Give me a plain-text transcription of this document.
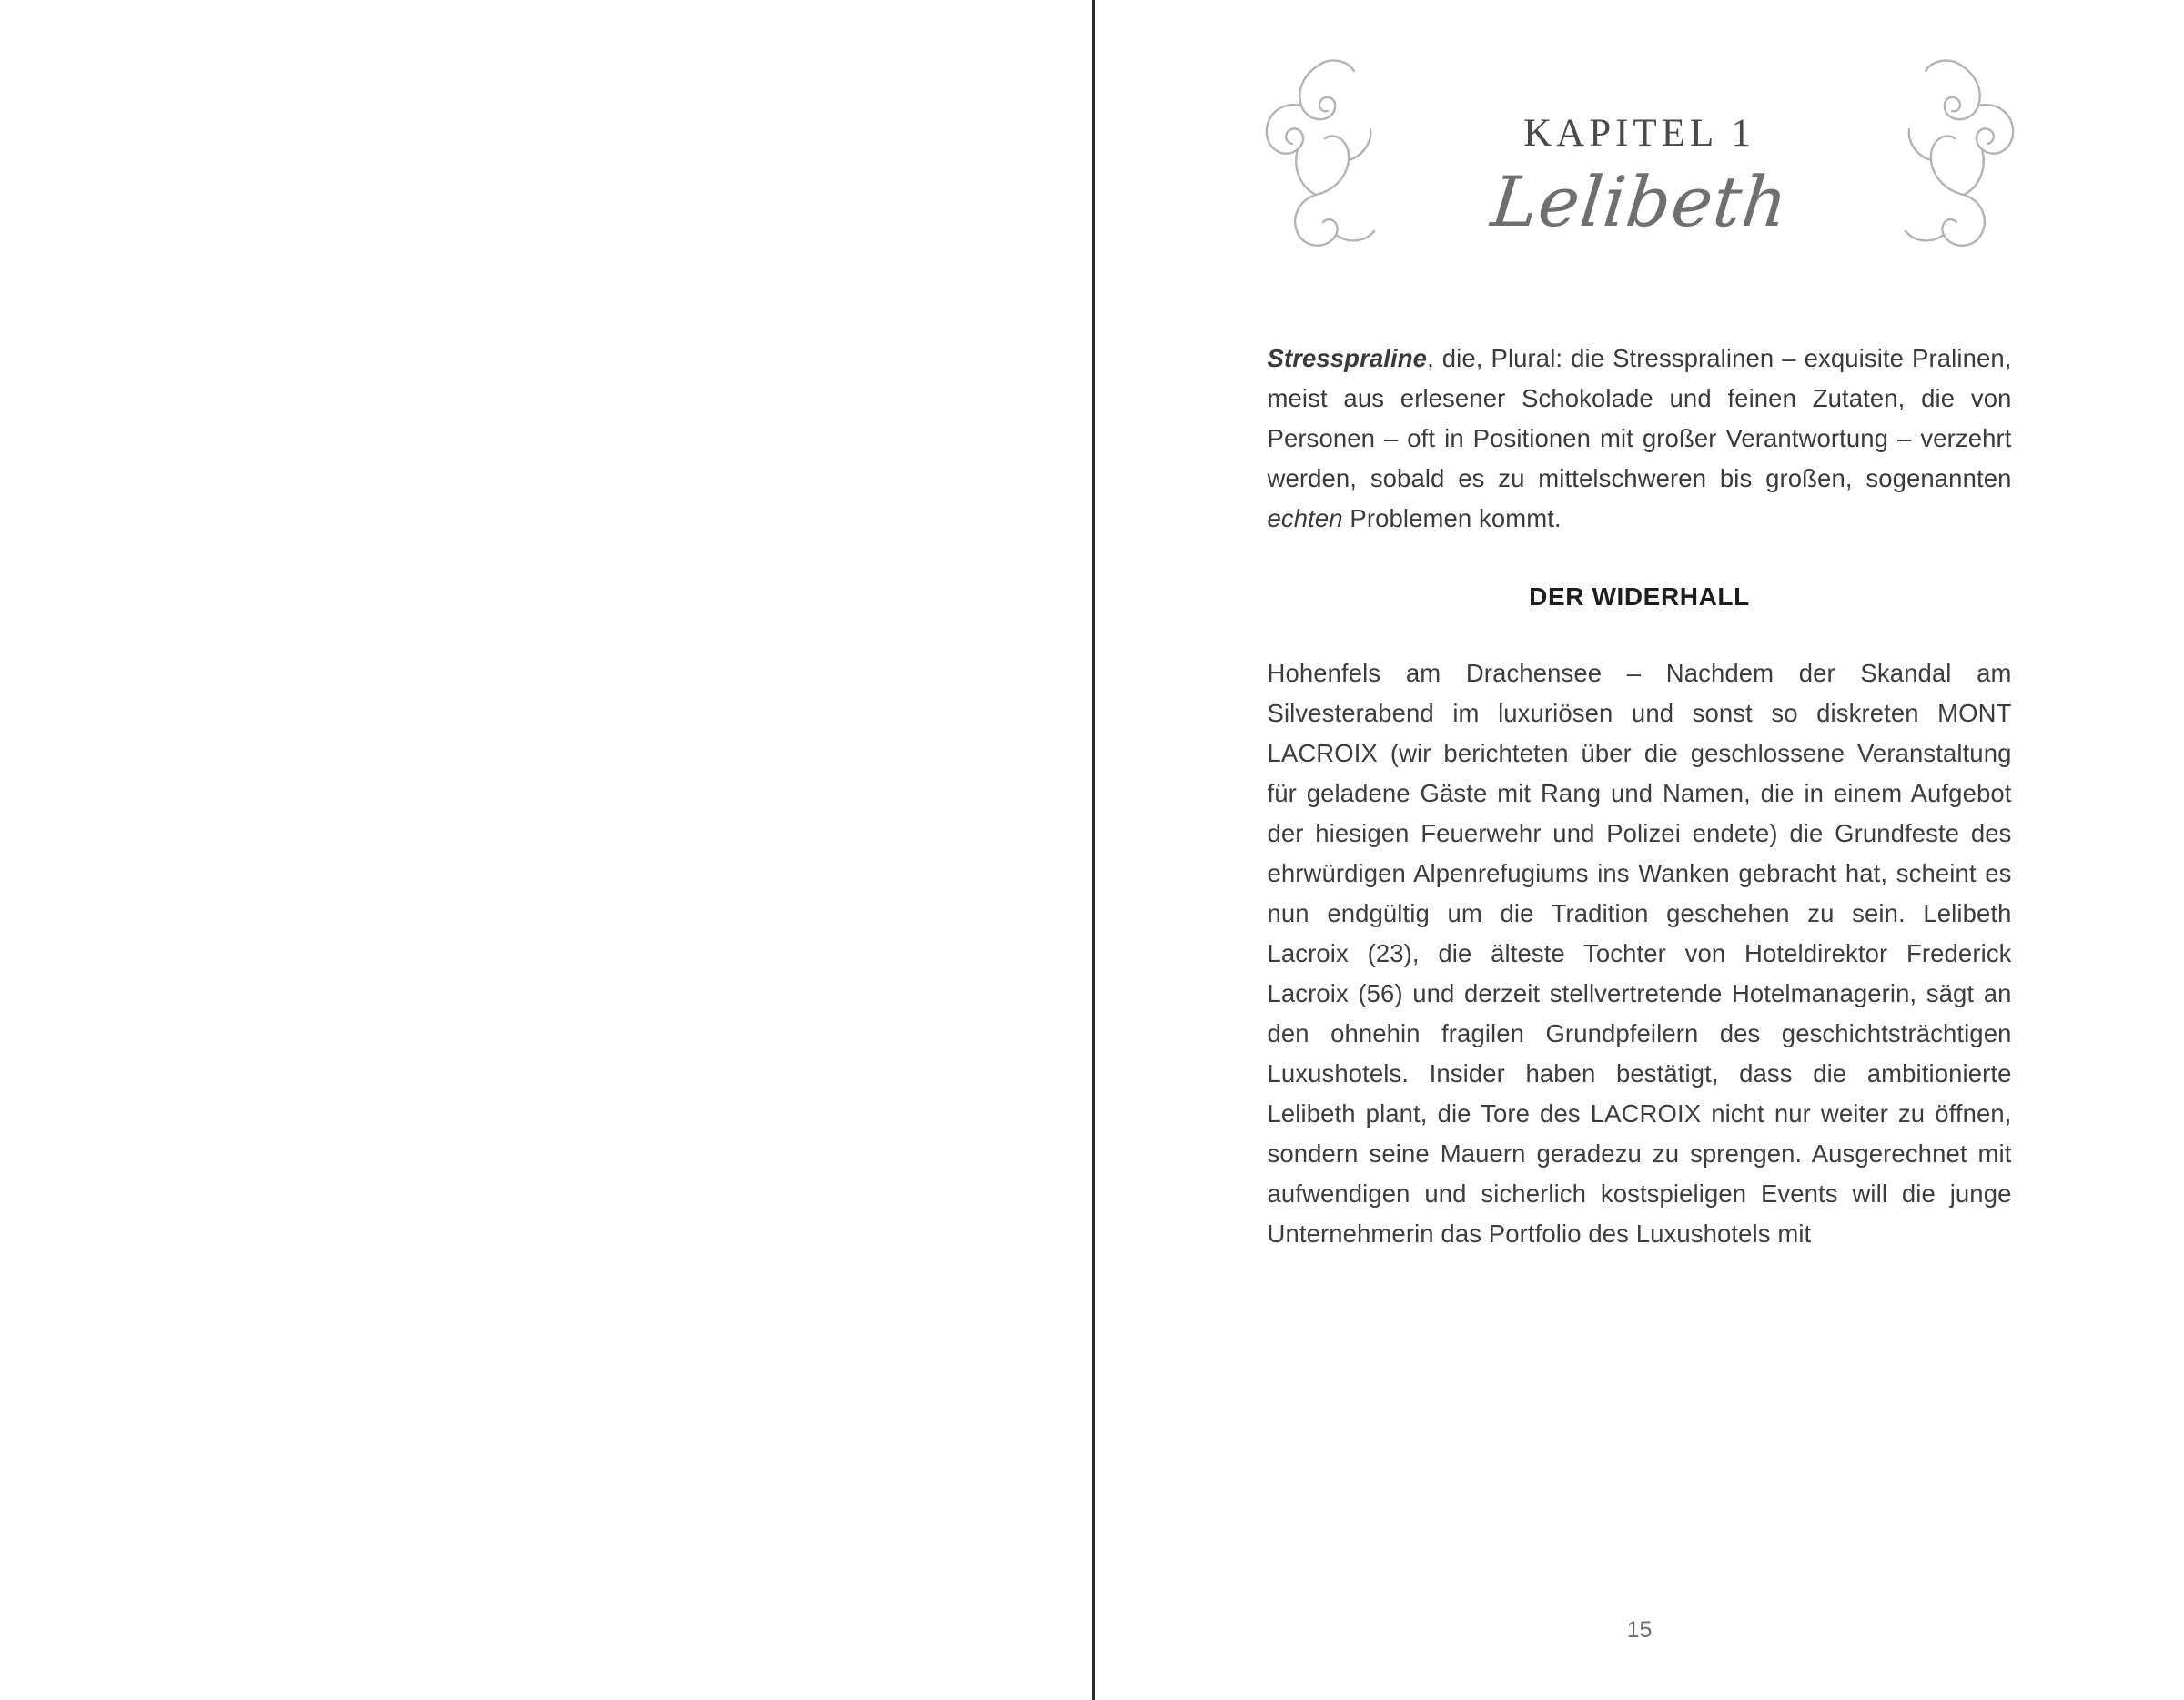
KAPITEL 1
Lelibeth

Stresspraline, die, Plural: die Stresspralinen – exquisite Pralinen, meist aus erlesener Schokolade und feinen Zutaten, die von Personen – oft in Positionen mit großer Verantwortung – verzehrt werden, sobald es zu mittelschweren bis großen, sogenannten echten Problemen kommt.

DER WIDERHALL

Hohenfels am Drachensee – Nachdem der Skandal am Silvesterabend im luxuriösen und sonst so diskreten MONT LACROIX (wir berichteten über die geschlossene Veranstaltung für geladene Gäste mit Rang und Namen, die in einem Aufgebot der hiesigen Feuerwehr und Polizei endete) die Grundfeste des ehrwürdigen Alpenrefugiums ins Wanken gebracht hat, scheint es nun endgültig um die Tradition geschehen zu sein. Lelibeth Lacroix (23), die älteste Tochter von Hoteldirektor Frederick Lacroix (56) und derzeit stellvertretende Hotelmanagerin, sägt an den ohnehin fragilen Grundpfeilern des geschichtsträchtigen Luxushotels. Insider haben bestätigt, dass die ambitionierte Lelibeth plant, die Tore des LACROIX nicht nur weiter zu öffnen, sondern seine Mauern geradezu zu sprengen. Ausgerechnet mit aufwendigen und sicherlich kostspieligen Events will die junge Unternehmerin das Portfolio des Luxushotels mit

15
